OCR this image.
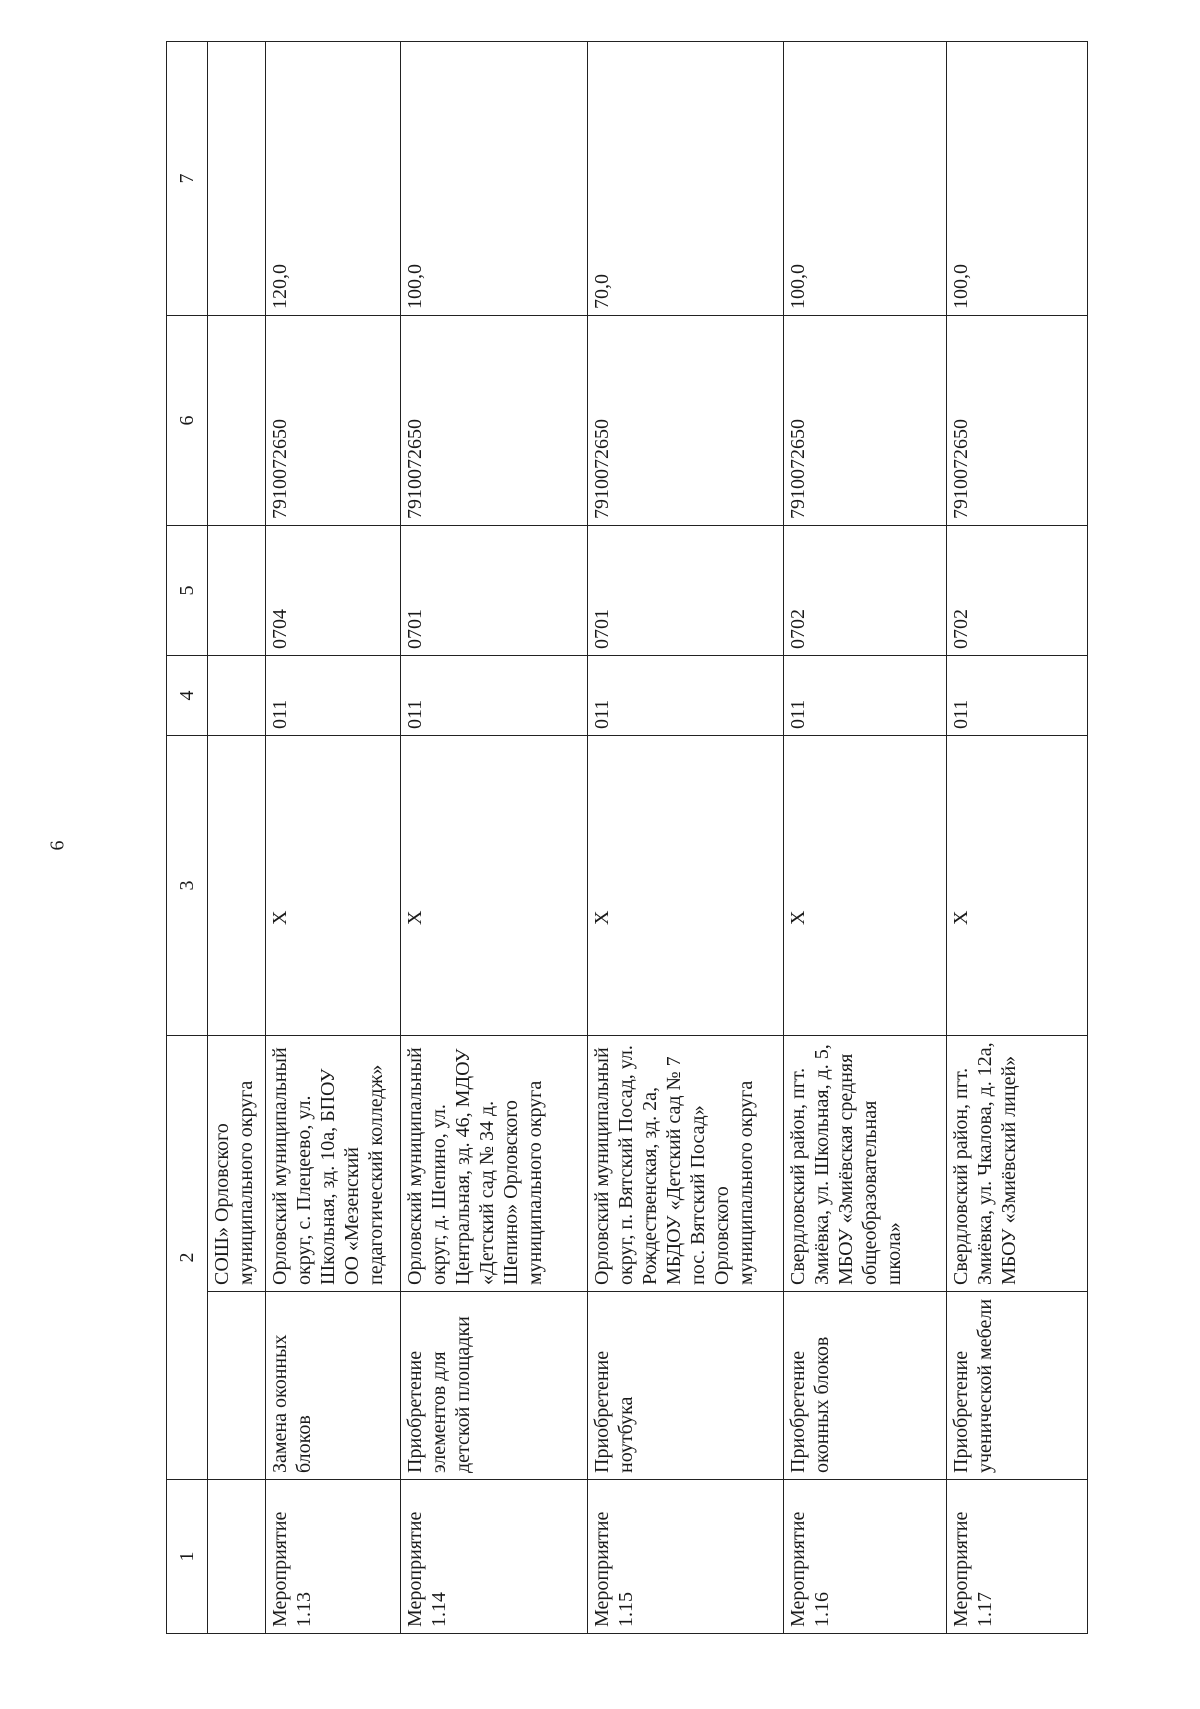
6
1	2		3	4	5	6	7
		СОШ» Орловского муниципального округа					
Мероприятие 1.13	Замена оконных блоков	Орловский муниципальный округ, с. Плецеево, ул. Школьная, зд. 10а, БПОУ ОО «Мезенский педагогический колледж»	X	011	0704	7910072650	120,0
Мероприятие 1.14	Приобретение элементов для детской площадки	Орловский муниципальный округ, д. Шепино, ул. Центральная, зд. 46, МДОУ «Детский сад № 34 д. Шепино» Орловского муниципального округа	X	011	0701	7910072650	100,0
Мероприятие 1.15	Приобретение ноутбука	Орловский муниципальный округ, п. Вятский Посад, ул. Рождественская, зд. 2а, МБДОУ «Детский сад № 7 пос. Вятский Посад» Орловского муниципального округа	X	011	0701	7910072650	70,0
Мероприятие 1.16	Приобретение оконных блоков	Свердловский район, пгт. Змиёвка, ул. Школьная, д. 5, МБОУ «Змиёвская средняя общеобразовательная школа»	X	011	0702	7910072650	100,0
Мероприятие 1.17	Приобретение ученической мебели	Свердловский район, пгт. Змиёвка, ул. Чкалова, д. 12а, МБОУ «Змиёвский лицей»	X	011	0702	7910072650	100,0
